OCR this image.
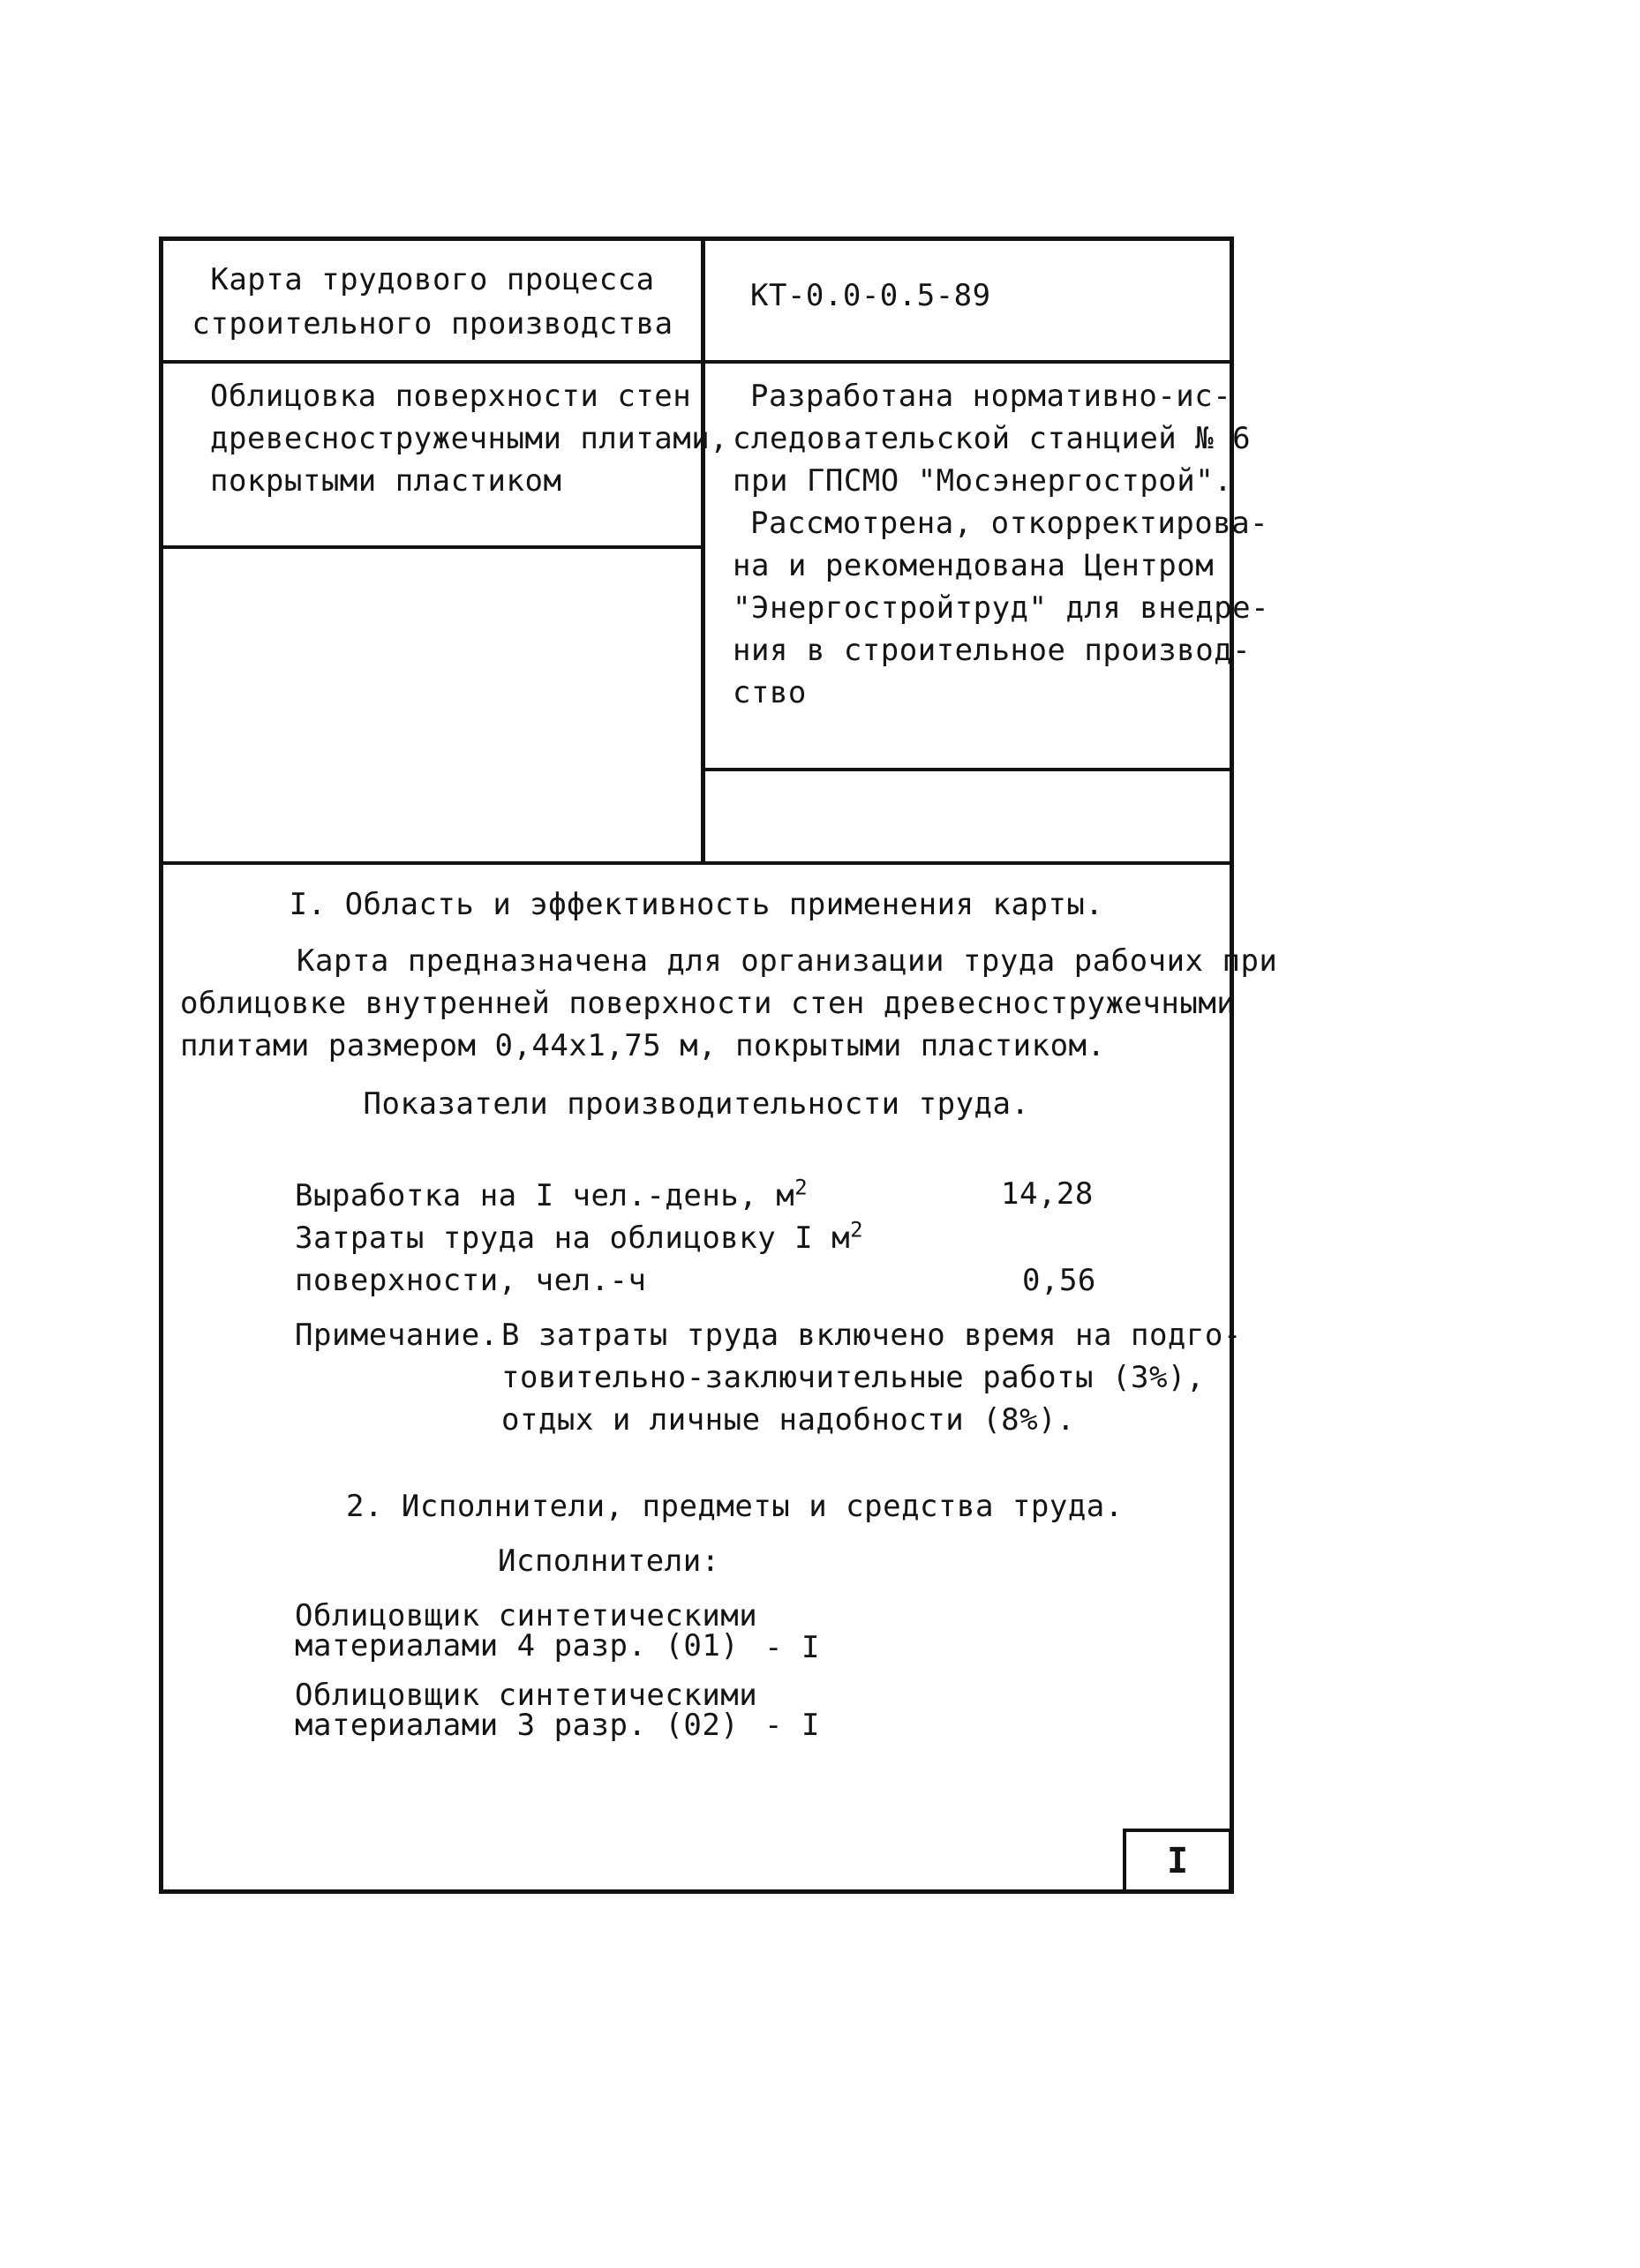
Карта трудового процесса
строительного производства
КТ-0.0-0.5-89
Облицовка поверхности стен
древесностружечными плитами,
покрытыми пластиком
Разработана нормативно-ис-
следовательской станцией № 6
при ГПСМО "Мосэнергострой".
Рассмотрена, откорректирова-
на и рекомендована Центром
"Энергостройтруд" для внедре-
ния в строительное производ-
ство
I. Область и эффективность применения карты.
Карта предназначена для организации труда рабочих при
облицовке внутренней поверхности стен древесностружечными
плитами размером 0,44х1,75 м, покрытыми пластиком.
Показатели производительности труда.
Выработка на I чел.-день, $м^2$	14,28
Затраты труда на облицовку I $м^2$
поверхности, чел.-ч	0,56
Примечание. В затраты труда включено время на подго-
товительно-заключительные работы (3%),
отдых и личные надобности (8%).
2. Исполнители, предметы и средства труда.
Исполнители:
Облицовщик синтетическими
материалами 4 разр. (01) - I
Облицовщик синтетическими
материалами 3 разр. (02) - I
I
